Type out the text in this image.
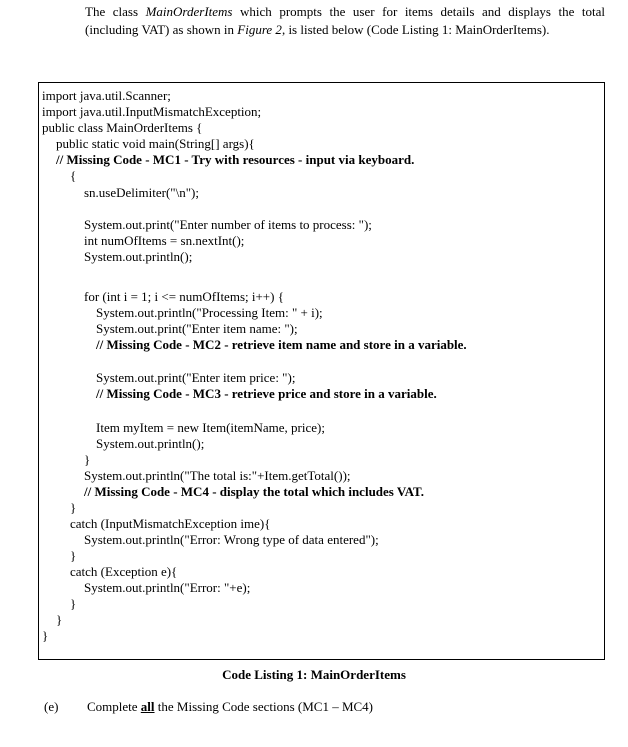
The class MainOrderItems which prompts the user for items details and displays the total (including VAT) as shown in Figure 2, is listed below (Code Listing 1: MainOrderItems).
import java.util.Scanner;
import java.util.InputMismatchException;
public class MainOrderItems {
public static void main(String[] args){
// Missing Code - MC1 - Try with resources - input via keyboard.
{
sn.useDelimiter("\n");
System.out.print("Enter number of items to process: ");
int numOfItems = sn.nextInt();
System.out.println();
for (int i = 1; i <= numOfItems; i++) {
System.out.println("Processing Item: " + i);
System.out.print("Enter item name: ");
// Missing Code - MC2 - retrieve item name and store in a variable.
System.out.print("Enter item price: ");
// Missing Code - MC3 - retrieve price and store in a variable.
Item myItem = new Item(itemName, price);
System.out.println();
}
System.out.println("The total is:"+Item.getTotal());
// Missing Code - MC4 - display the total which includes VAT.
}
catch (InputMismatchException ime){
System.out.println("Error: Wrong type of data entered");
}
catch (Exception e){
System.out.println("Error: "+e);
}
}
}
Code Listing 1: MainOrderItems

(e)

Complete all the Missing Code sections (MC1 – MC4)
